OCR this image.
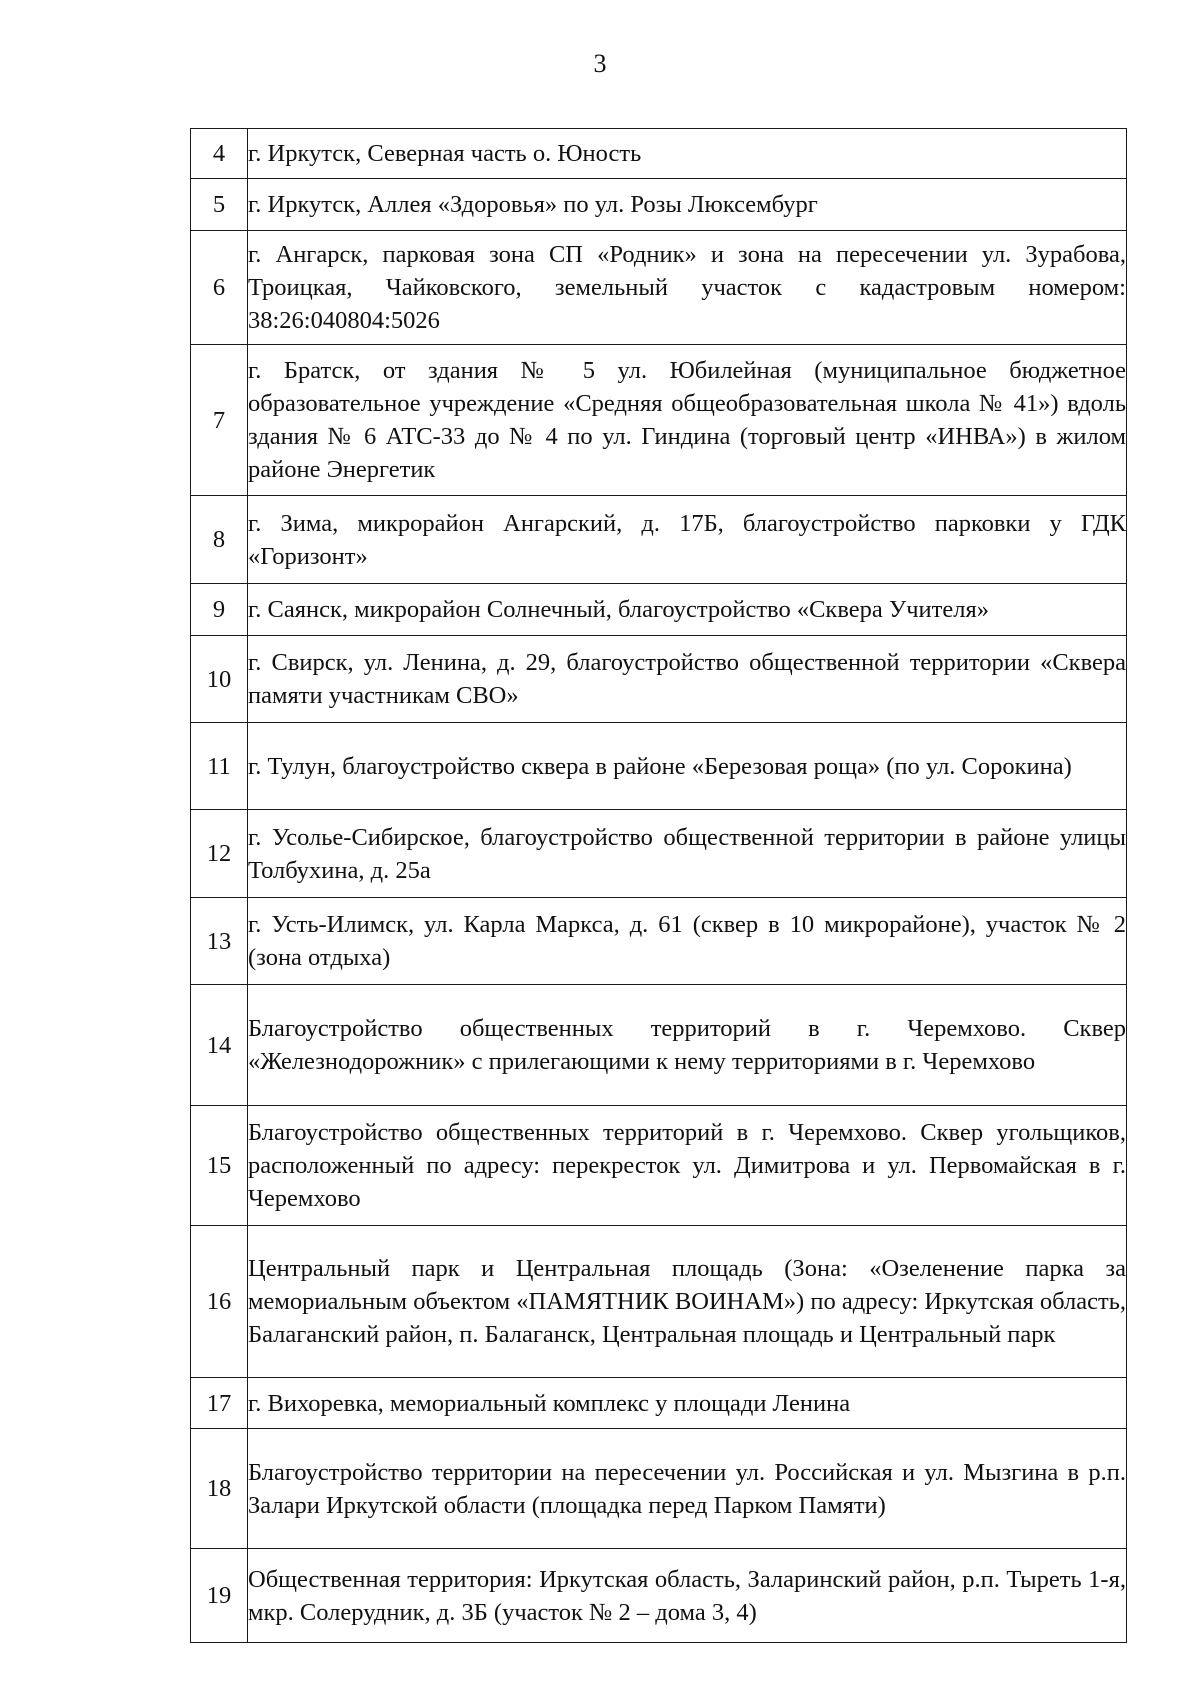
3
4	г. Иркутск, Северная часть о. Юность

5	г. Иркутск, Аллея «Здоровья» по ул. Розы Люксембург

6	г. Ангарск, парковая зона СП «Родник» и зона на пересечении ул. Зурабова, Троицкая, Чайковского, земельный участок с кадастровым номером: 38:26:040804:5026

7	г. Братск, от здания № 5 ул. Юбилейная (муниципальное бюджетное образовательное учреждение «Средняя общеобразовательная школа № 41») вдоль здания № 6 АТС-33 до № 4 по ул. Гиндина (торговый центр «ИНВА») в жилом районе Энергетик

8	г. Зима, микрорайон Ангарский, д. 17Б, благоустройство парковки у ГДК «Горизонт»

9	г. Саянск, микрорайон Солнечный, благоустройство «Сквера Учителя»

10	г. Свирск, ул. Ленина, д. 29, благоустройство общественной территории «Сквера памяти участникам СВО»

11	г. Тулун, благоустройство сквера в районе «Березовая роща» (по ул. Сорокина)

12	г. Усолье-Сибирское, благоустройство общественной территории в районе улицы Толбухина, д. 25а

13	г. Усть-Илимск, ул. Карла Маркса, д. 61 (сквер в 10 микрорайоне), участок № 2 (зона отдыха)

14	Благоустройство общественных территорий в г. Черемхово. Сквер «Железнодорожник» с прилегающими к нему территориями в г. Черемхово

15	Благоустройство общественных территорий в г. Черемхово. Сквер угольщиков, расположенный по адресу: перекресток ул. Димитрова и ул. Первомайская в г. Черемхово

16	Центральный парк и Центральная площадь (Зона: «Озеленение парка за мемориальным объектом «ПАМЯТНИК ВОИНАМ») по адресу: Иркутская область, Балаганский район, п. Балаганск, Центральная площадь и Центральный парк

17	г. Вихоревка, мемориальный комплекс у площади Ленина

18	Благоустройство территории на пересечении ул. Российская и ул. Мызгина в р.п. Залари Иркутской области (площадка перед Парком Памяти)

19	Общественная территория: Иркутская область, Заларинский район, р.п. Тыреть 1-я, мкр. Солерудник, д. 3Б (участок № 2 – дома 3, 4)
